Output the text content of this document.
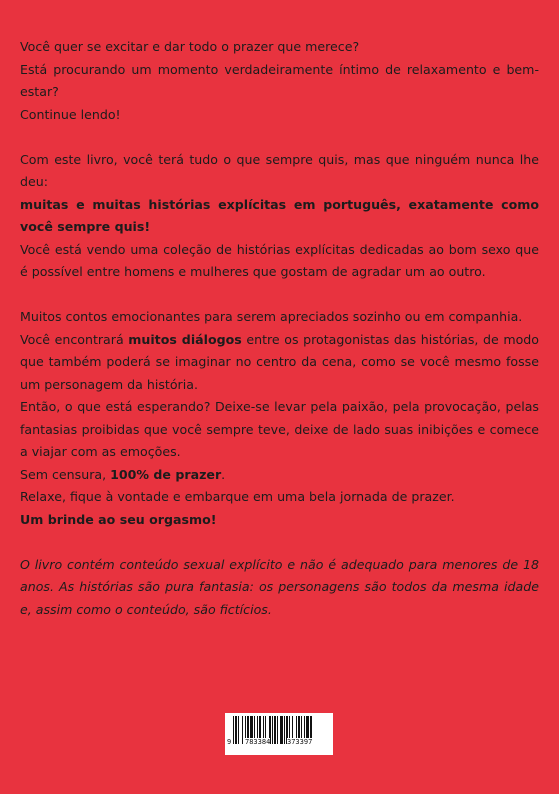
Você quer se excitar e dar todo o prazer que merece?

Está procurando um momento verdadeiramente íntimo de relaxamento e bem-estar?

Continue lendo!

Com este livro, você terá tudo o que sempre quis, mas que ninguém nunca lhe deu:

muitas e muitas histórias explícitas em português, exatamente como você sempre quis!

Você está vendo uma coleção de histórias explícitas dedicadas ao bom sexo que é possível entre homens e mulheres que gostam de agradar um ao outro.

Muitos contos emocionantes para serem apreciados sozinho ou em companhia.

Você encontrará muitos diálogos entre os protagonistas das histórias, de modo que também poderá se imaginar no centro da cena, como se você mesmo fosse um personagem da história.

Então, o que está esperando? Deixe-se levar pela paixão, pela provocação, pelas fantasias proibidas que você sempre teve, deixe de lado suas inibições e comece a viajar com as emoções.

Sem censura, 100% de prazer.

Relaxe, fique à vontade e embarque em uma bela jornada de prazer.

Um brinde ao seu orgasmo!

O livro contém conteúdo sexual explícito e não é adequado para menores de 18 anos. As histórias são pura fantasia: os personagens são todos da mesma idade e, assim como o conteúdo, são fictícios.

9 783384 373397
